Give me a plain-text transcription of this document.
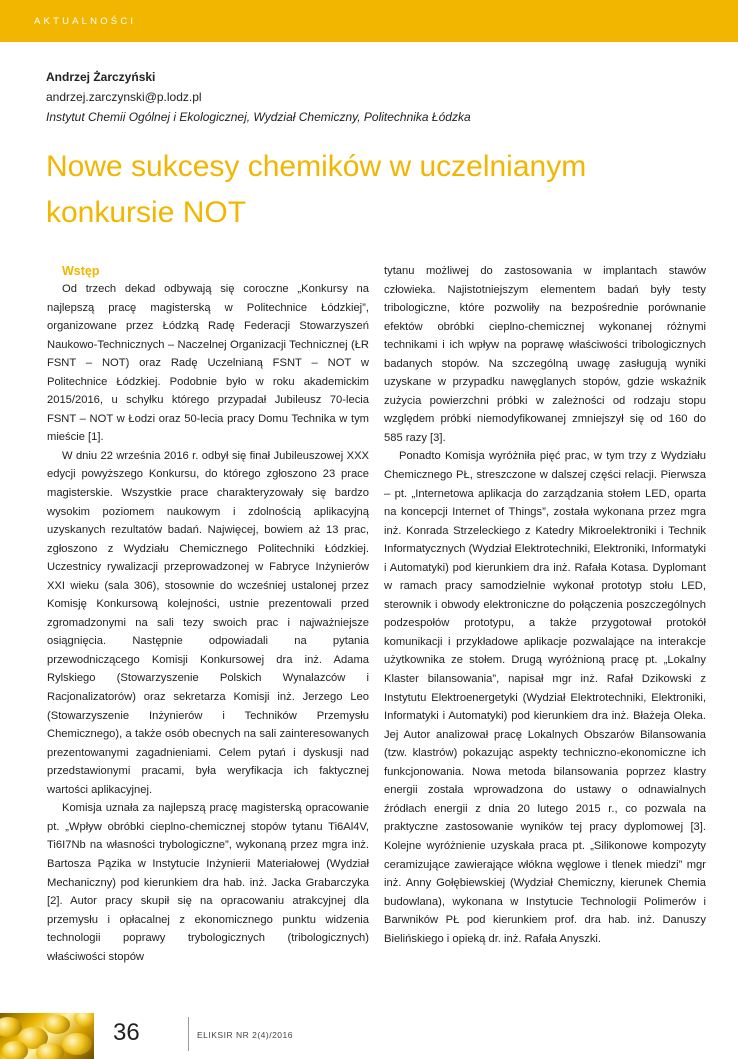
AKTUALNOŚCI
Andrzej Żarczyński
andrzej.zarczynski@p.lodz.pl
Instytut Chemii Ogólnej i Ekologicznej, Wydział Chemiczny, Politechnika Łódzka
Nowe sukcesy chemików w uczelnianym
konkursie NOT

Wstęp

Od trzech dekad odbywają się coroczne „Konkursy na najlepszą pracę magisterską w Politechnice Łódzkiej”, organizowane przez Łódzką Radę Federacji Stowarzyszeń Naukowo-Technicznych – Naczelnej Organizacji Technicznej (ŁR FSNT – NOT) oraz Radę Uczelnianą FSNT – NOT w Politechnice Łódzkiej. Podobnie było w roku akademickim 2015/2016, u schyłku którego przypadał Jubileusz 70-lecia FSNT – NOT w Łodzi oraz 50-lecia pracy Domu Technika w tym mieście [1].

W dniu 22 września 2016 r. odbył się finał Jubileuszowej XXX edycji powyższego Konkursu, do którego zgłoszono 23 prace magisterskie. Wszystkie prace charakteryzowały się bardzo wysokim poziomem naukowym i zdolnością aplikacyjną uzyskanych rezultatów badań. Najwięcej, bowiem aż 13 prac, zgłoszono z Wydziału Chemicznego Politechniki Łódzkiej. Uczestnicy rywalizacji przeprowadzonej w Fabryce Inżynierów XXI wieku (sala 306), stosownie do wcześniej ustalonej przez Komisję Konkursową kolejności, ustnie prezentowali przed zgromadzonymi na sali tezy swoich prac i najważniejsze osiągnięcia. Następnie odpowiadali na pytania przewodniczącego Komisji Konkursowej dra inż. Adama Rylskiego (Stowarzyszenie Polskich Wynalazców i Racjonalizatorów) oraz sekretarza Komisji inż. Jerzego Leo (Stowarzyszenie Inżynierów i Techników Przemysłu Chemicznego), a także osób obecnych na sali zainteresowanych prezentowanymi zagadnieniami. Celem pytań i dyskusji nad przedstawionymi pracami, była weryfikacja ich faktycznej wartości aplikacyjnej.

Komisja uznała za najlepszą pracę magisterską opracowanie pt. „Wpływ obróbki cieplno-chemicznej stopów tytanu Ti6Al4V, Ti6I7Nb na własności trybologiczne”, wykonaną przez mgra inż. Bartosza Pązika w Instytucie Inżynierii Materiałowej (Wydział Mechaniczny) pod kierunkiem dra hab. inż. Jacka Grabarczyka [2]. Autor pracy skupił się na opracowaniu atrakcyjnej dla przemysłu i opłacalnej z ekonomicznego punktu widzenia technologii poprawy trybologicznych (tribologicznych) właściwości stopów

tytanu możliwej do zastosowania w implantach stawów człowieka. Najistotniejszym elementem badań były testy tribologiczne, które pozwoliły na bezpośrednie porównanie efektów obróbki cieplno-chemicznej wykonanej różnymi technikami i ich wpływ na poprawę właściwości tribologicznych badanych stopów. Na szczególną uwagę zasługują wyniki uzyskane w przypadku nawęglanych stopów, gdzie wskaźnik zużycia powierzchni próbki w zależności od rodzaju stopu względem próbki niemodyfikowanej zmniejszył się od 160 do 585 razy [3].

Ponadto Komisja wyróżniła pięć prac, w tym trzy z Wydziału Chemicznego PŁ, streszczone w dalszej części relacji. Pierwsza – pt. „Internetowa aplikacja do zarządzania stołem LED, oparta na koncepcji Internet of Things”, została wykonana przez mgra inż. Konrada Strzeleckiego z Katedry Mikroelektroniki i Technik Informatycznych (Wydział Elektrotechniki, Elektroniki, Informatyki i Automatyki) pod kierunkiem dra inż. Rafała Kotasa. Dyplomant w ramach pracy samodzielnie wykonał prototyp stołu LED, sterownik i obwody elektroniczne do połączenia poszczególnych podzespołów prototypu, a także przygotował protokół komunikacji i przykładowe aplikacje pozwalające na interakcje użytkownika ze stołem. Drugą wyróżnioną pracę pt. „Lokalny Klaster bilansowania”, napisał mgr inż. Rafał Dzikowski z Instytutu Elektroenergetyki (Wydział Elektrotechniki, Elektroniki, Informatyki i Automatyki) pod kierunkiem dra inż. Błażeja Oleka. Jej Autor analizował pracę Lokalnych Obszarów Bilansowania (tzw. klastrów) pokazując aspekty techniczno-ekonomiczne ich funkcjonowania. Nowa metoda bilansowania poprzez klastry energii została wprowadzona do ustawy o odnawialnych źródłach energii z dnia 20 lutego 2015 r., co pozwala na praktyczne zastosowanie wyników tej pracy dyplomowej [3]. Kolejne wyróżnienie uzyskała praca pt. „Silikonowe kompozyty ceramizujące zawierające włókna węglowe i tlenek miedzi” mgr inż. Anny Gołębiewskiej (Wydział Chemiczny, kierunek Chemia budowlana), wykonana w Instytucie Technologii Polimerów i Barwników PŁ pod kierunkiem prof. dra hab. inż. Danuszy Bielińskiego i opieką dr. inż. Rafała Anyszki.

36	ELIKSIR NR 2(4)/2016
